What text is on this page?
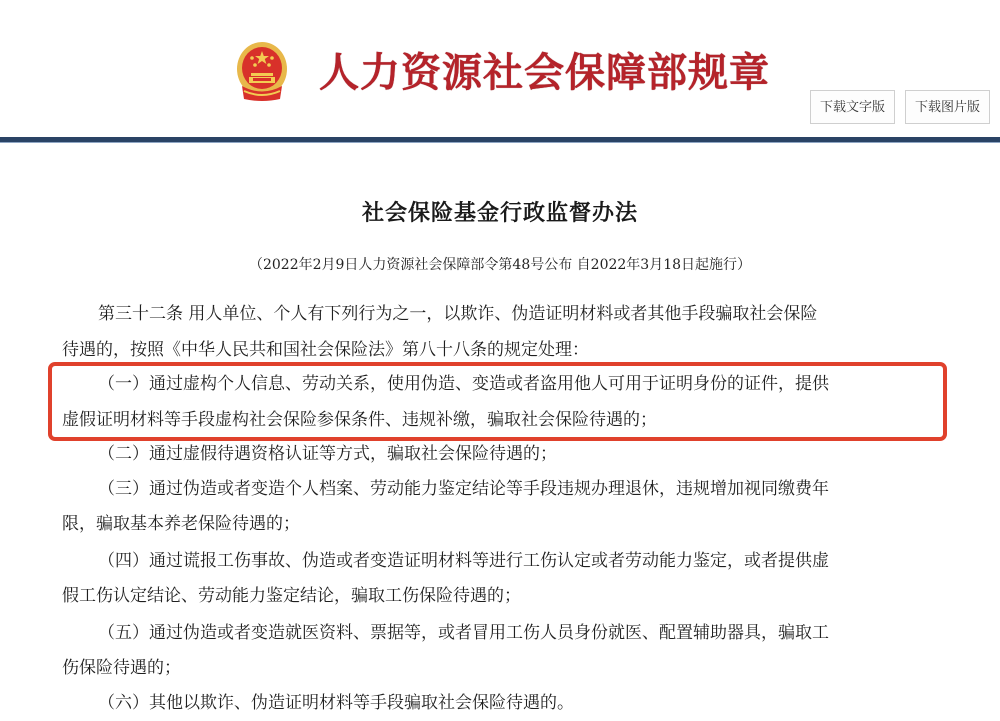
人力资源社会保障部规章
下载文字版	下载图片版
社会保险基金行政监督办法
（2022年2月9日人力资源社会保障部令第48号公布 自2022年3月18日起施行）
第三十二条 用人单位、个人有下列行为之一，以欺诈、伪造证明材料或者其他手段骗取社会保险
待遇的，按照《中华人民共和国社会保险法》第八十八条的规定处理：
（一）通过虚构个人信息、劳动关系，使用伪造、变造或者盗用他人可用于证明身份的证件，提供
虚假证明材料等手段虚构社会保险参保条件、违规补缴，骗取社会保险待遇的；
（二）通过虚假待遇资格认证等方式，骗取社会保险待遇的；
（三）通过伪造或者变造个人档案、劳动能力鉴定结论等手段违规办理退休，违规增加视同缴费年
限，骗取基本养老保险待遇的；
（四）通过谎报工伤事故、伪造或者变造证明材料等进行工伤认定或者劳动能力鉴定，或者提供虚
假工伤认定结论、劳动能力鉴定结论，骗取工伤保险待遇的；
（五）通过伪造或者变造就医资料、票据等，或者冒用工伤人员身份就医、配置辅助器具，骗取工
伤保险待遇的；
（六）其他以欺诈、伪造证明材料等手段骗取社会保险待遇的。
